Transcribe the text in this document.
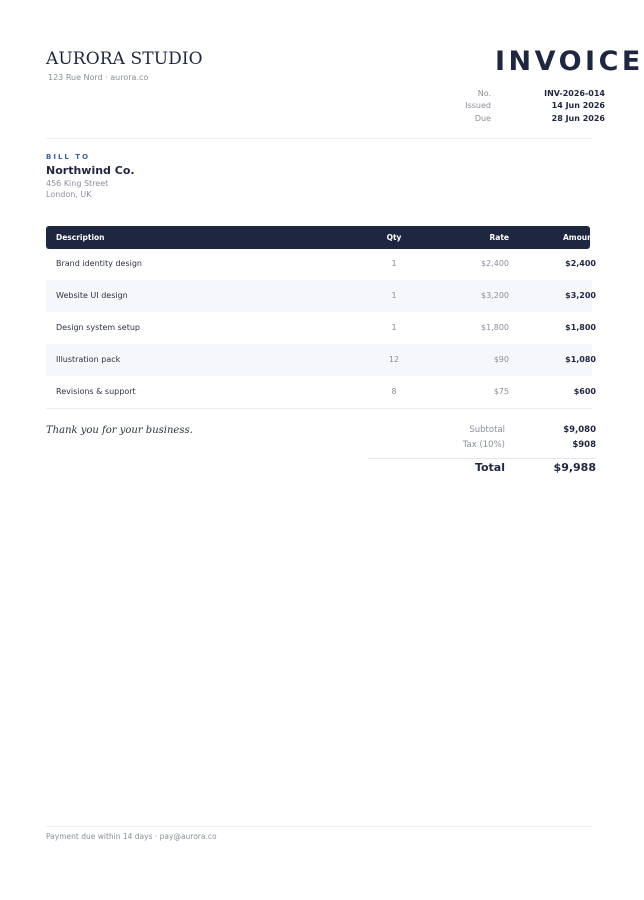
AURORA STUDIO
123 Rue Nord · aurora.co
INVOICE
No.	INV-2026-014
Issued	14 Jun 2026
Due	28 Jun 2026
BILL TO
Northwind Co.
456 King Street
London, UK
Description	Qty	Rate	Amount
Brand identity design	1	$2,400	$2,400
Website UI design	1	$3,200	$3,200
Design system setup	1	$1,800	$1,800
Illustration pack	12	$90	$1,080
Revisions & support	8	$75	$600
Thank you for your business.	Subtotal	$9,080
Tax (10%)	$908
Total	$9,988
Payment due within 14 days · pay@aurora.co
